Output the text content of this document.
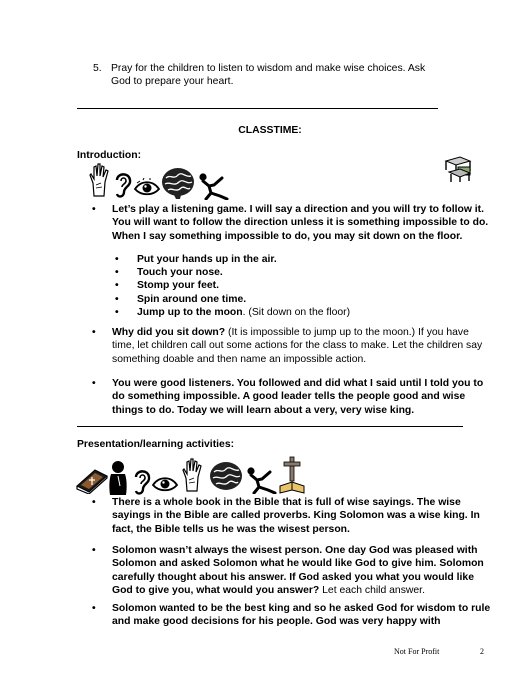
5. Pray for the children to listen to wisdom and make wise choices. Ask
God to prepare your heart.
CLASSTIME:
Introduction:
• Let’s play a listening game. I will say a direction and you will try to follow it. You will want to follow the direction unless it is something impossible to do. When I say something impossible to do, you may sit down on the floor.
• Put your hands up in the air.
• Touch your nose.
• Stomp your feet.
• Spin around one time.
• Jump up to the moon. (Sit down on the floor)
• Why did you sit down? (It is impossible to jump up to the moon.) If you have time, let children call out some actions for the class to make. Let the children say something doable and then name an impossible action.
• You were good listeners. You followed and did what I said until I told you to do something impossible. A good leader tells the people good and wise things to do. Today we will learn about a very, very wise king.
Presentation/learning activities:
• There is a whole book in the Bible that is full of wise sayings. The wise sayings in the Bible are called proverbs. King Solomon was a wise king. In fact, the Bible tells us he was the wisest person.
• Solomon wasn’t always the wisest person. One day God was pleased with Solomon and asked Solomon what he would like God to give him. Solomon carefully thought about his answer. If God asked you what you would like God to give you, what would you answer? Let each child answer.
• Solomon wanted to be the best king and so he asked God for wisdom to rule and make good decisions for his people. God was very happy with
Not For Profit	2
